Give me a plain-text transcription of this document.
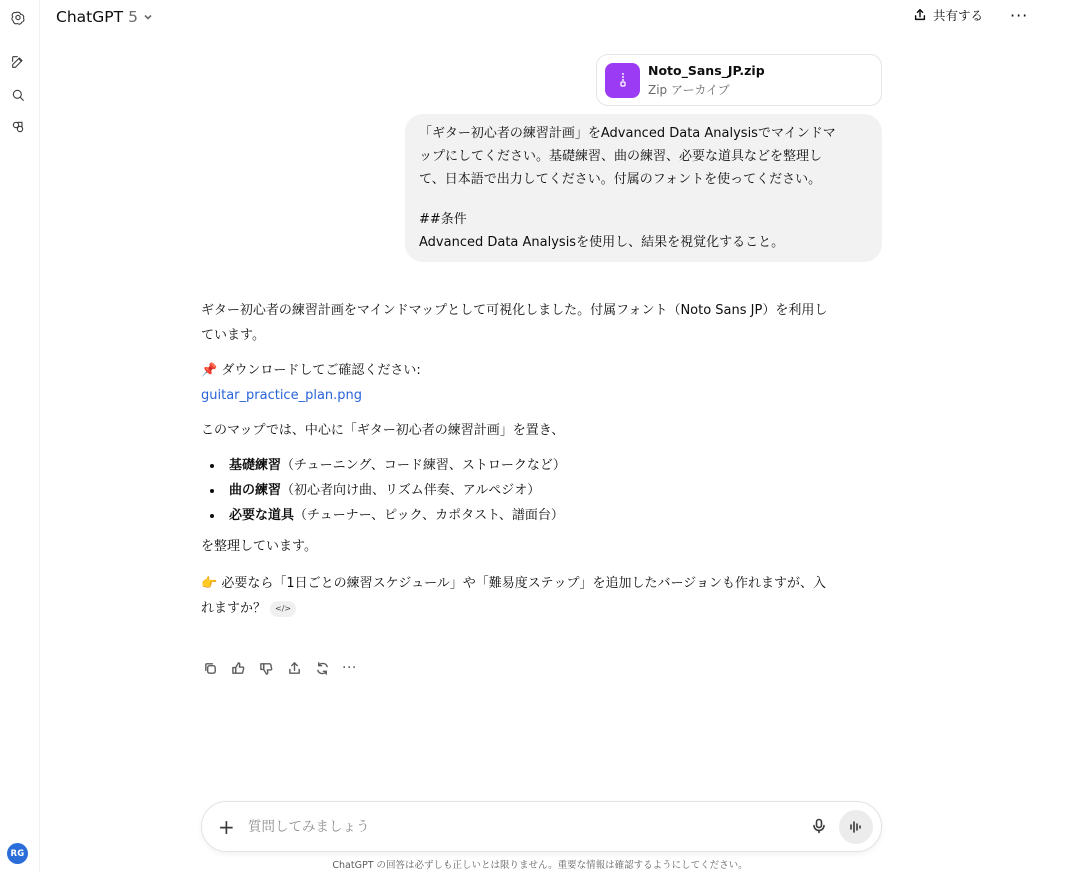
RG
ChatGPT 5	共有する ···
Noto_Sans_JP.zip
Zip アーカイブ

「ギター初心者の練習計画」をAdvanced Data Analysisでマインドマ

ップにしてください。基礎練習、曲の練習、必要な道具などを整理し

て、日本語で出力してください。付属のフォントを使ってください。

##条件

Advanced Data Analysisを使用し、結果を視覚化すること。

ギター初心者の練習計画をマインドマップとして可視化しました。付属フォント（Noto Sans JP）を利用し
ています。
📌 ダウンロードしてご確認ください:
guitar_practice_plan.png
このマップでは、中心に「ギター初心者の練習計画」を置き、
基礎練習（チューニング、コード練習、ストロークなど）
曲の練習（初心者向け曲、リズム伴奏、アルペジオ）
必要な道具（チューナー、ピック、カポタスト、譜面台）
を整理しています。
👉 必要なら「1日ごとの練習スケジュール」や「難易度ステップ」を追加したバージョンも作れますが、入
れますか？ </>
···
+
質問してみましょう
ChatGPT の回答は必ずしも正しいとは限りません。重要な情報は確認するようにしてください。
